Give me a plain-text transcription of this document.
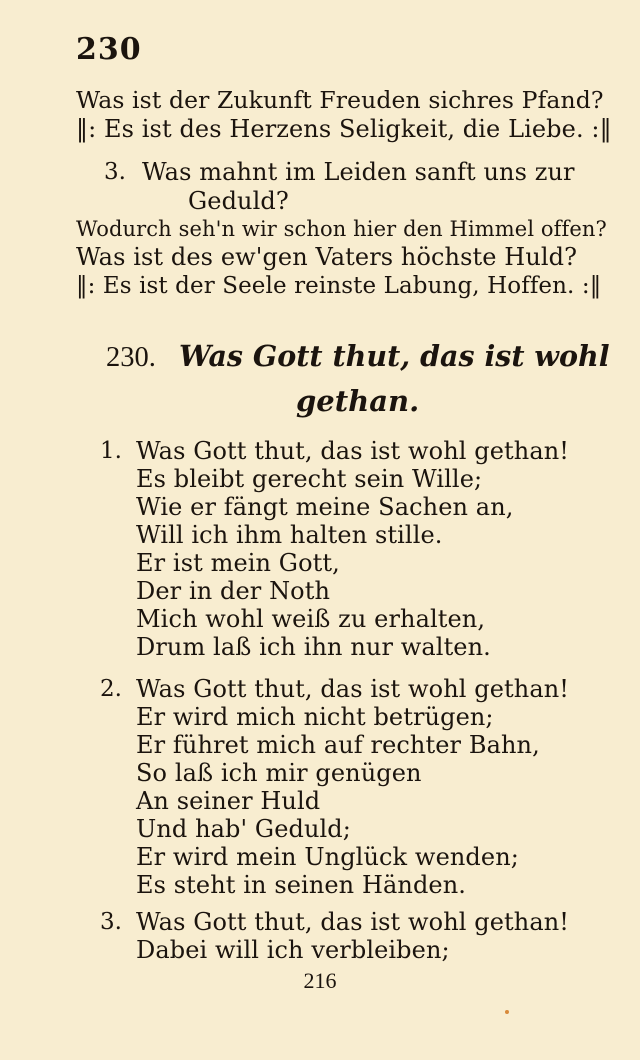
230
Was ist der Zukunft Freuden sichres Pfand?
‖: Es ist des Herzens Seligkeit, die Liebe. :‖
3. Was mahnt im Leiden sanft uns zur
Geduld?
Wodurch seh'n wir schon hier den Himmel offen?
Was ist des ew'gen Vaters höchste Huld?
‖: Es ist der Seele reinste Labung, Hoffen. :‖
230. Was Gott thut, das ist wohl
gethan.
1. Was Gott thut, das ist wohl gethan!
Es bleibt gerecht sein Wille;
Wie er fängt meine Sachen an,
Will ich ihm halten stille.
Er ist mein Gott,
Der in der Noth
Mich wohl weiß zu erhalten,
Drum laß ich ihn nur walten.
2. Was Gott thut, das ist wohl gethan!
Er wird mich nicht betrügen;
Er führet mich auf rechter Bahn,
So laß ich mir genügen
An seiner Huld
Und hab' Geduld;
Er wird mein Unglück wenden;
Es steht in seinen Händen.
3. Was Gott thut, das ist wohl gethan!
Dabei will ich verbleiben;
216
